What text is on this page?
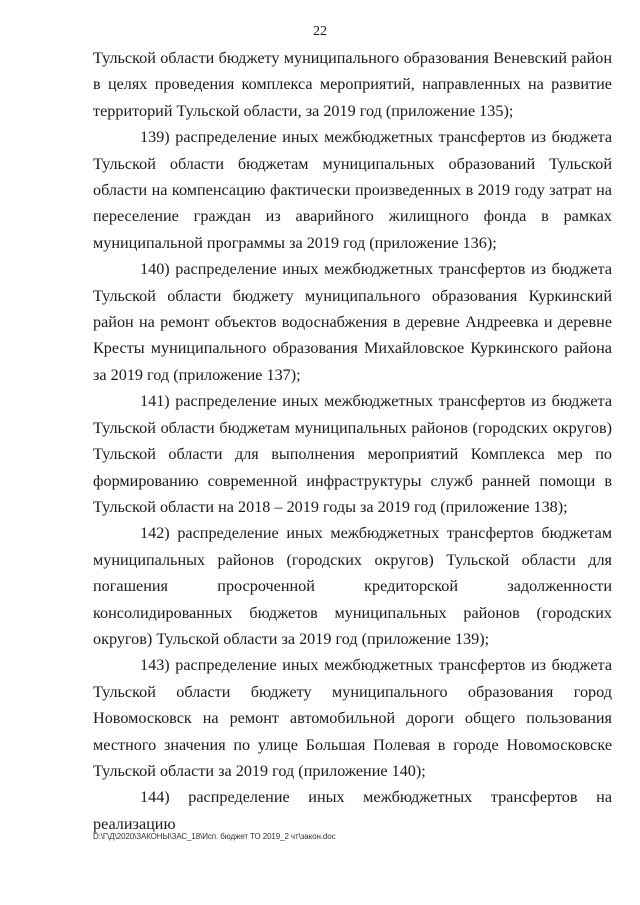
22

Тульской области бюджету муниципального образования Веневский район в целях проведения комплекса мероприятий, направленных на развитие территорий Тульской области, за 2019 год (приложение 135);

139) распределение иных межбюджетных трансфертов из бюджета Тульской области бюджетам муниципальных образований Тульской области на компенсацию фактически произведенных в 2019 году затрат на переселение граждан из аварийного жилищного фонда в рамках муниципальной программы за 2019 год (приложение 136);

140) распределение иных межбюджетных трансфертов из бюджета Тульской области бюджету муниципального образования Куркинский район на ремонт объектов водоснабжения в деревне Андреевка и деревне Кресты муниципального образования Михайловское Куркинского района за 2019 год (приложение 137);

141) распределение иных межбюджетных трансфертов из бюджета Тульской области бюджетам муниципальных районов (городских округов) Тульской области для выполнения мероприятий Комплекса мер по формированию современной инфраструктуры служб ранней помощи в Тульской области на 2018 – 2019 годы за 2019 год (приложение 138);

142) распределение иных межбюджетных трансфертов бюджетам муниципальных районов (городских округов) Тульской области для погашения просроченной кредиторской задолженности консолидированных бюджетов муниципальных районов (городских округов) Тульской области за 2019 год (приложение 139);

143) распределение иных межбюджетных трансфертов из бюджета Тульской области бюджету муниципального образования город Новомосковск на ремонт автомобильной дороги общего пользования местного значения по улице Большая Полевая в городе Новомосковске Тульской области за 2019 год (приложение 140);

144) распределение иных межбюджетных трансфертов на реализацию

D:\Г\Д\2020\ЗАКОНЫ\ЗАС_18\Исп. бюджет ТО 2019_2 чт\закон.doc
